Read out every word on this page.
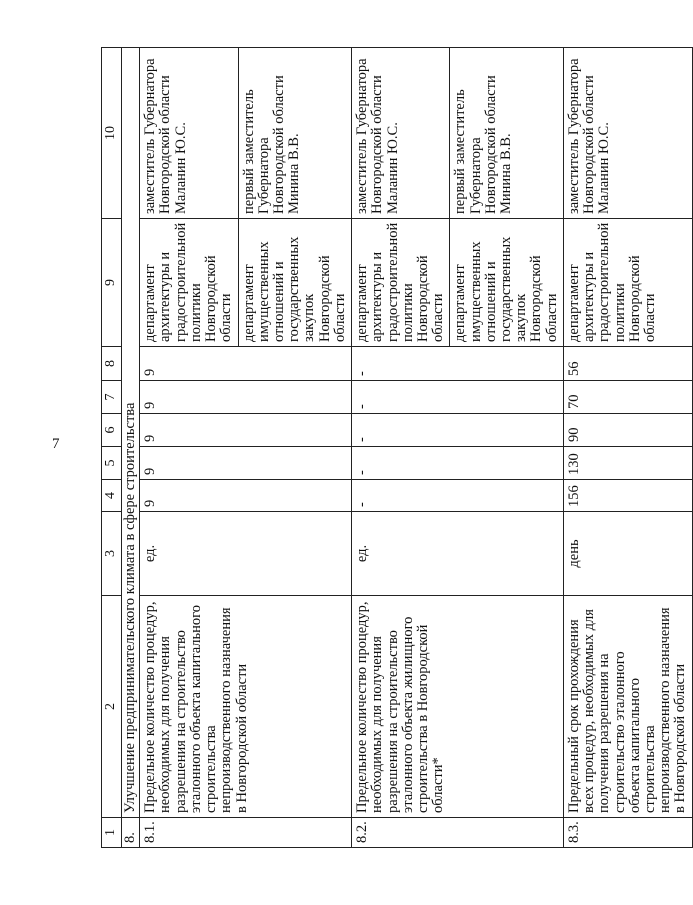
7
1	2	3	4	5	6	7	8	9	10
8.	Улучшение предпринимательского климата в сфере строительства								
8.1.	Предельное количество процедур, необходимых для получения разрешения на строительство эталонного объекта капитального строительства непроизводственного назначения в Новгородской области	ед.	9	9	9	9	9	департамент архитектуры и градостроительной политики Новгородской области	заместитель Губернатора Новгородской области Маланин Ю.С.
								департамент имущественных отношений и государственных закупок Новгородской области	первый заместитель Губернатора Новгородской области Минина В.В.
8.2.	Предельное количество процедур, необходимых для получения разрешения на строительство эталонного объекта жилищного строительства в Новгородской области*	ед.	-	-	-	-	-	департамент архитектуры и градостроительной политики Новгородской области	заместитель Губернатора Новгородской области Маланин Ю.С.
								департамент имущественных отношений и государственных закупок Новгородской области	первый заместитель Губернатора Новгородской области Минина В.В.
8.3.	Предельный срок прохождения всех процедур, необходимых для получения разрешения на строительство эталонного объекта капитального строительства непроизводственного назначения в Новгородской области	день	156	130	90	70	56	департамент архитектуры и градостроительной политики Новгородской области	заместитель Губернатора Новгородской области Маланин Ю.С.
